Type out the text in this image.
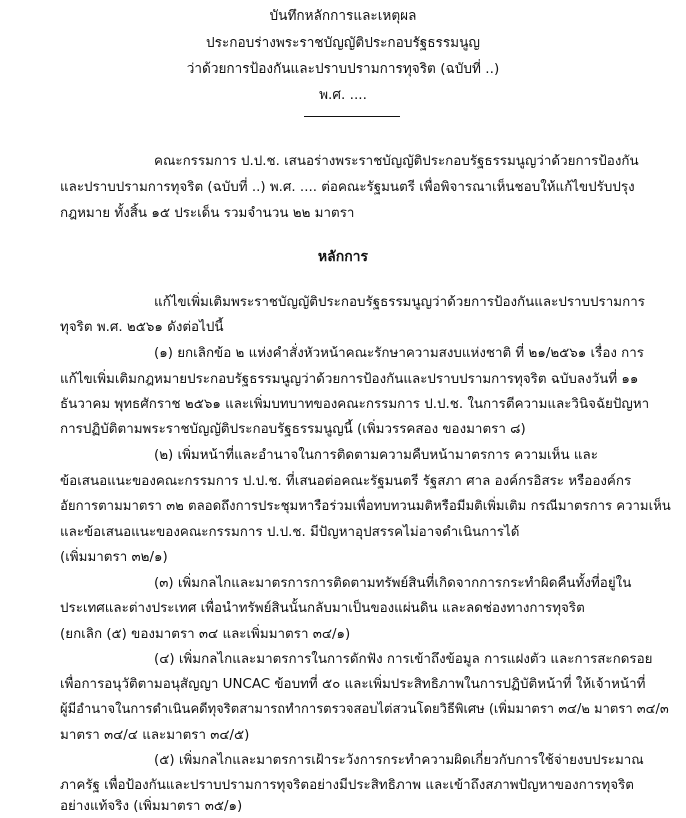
บันทึกหลักการและเหตุผล
ประกอบร่างพระราชบัญญัติประกอบรัฐธรรมนูญ
ว่าด้วยการป้องกันและปราบปรามการทุจริต (ฉบับที่ ..)
พ.ศ. ....
คณะกรรมการ ป.ป.ช. เสนอร่างพระราชบัญญัติประกอบรัฐธรรมนูญว่าด้วยการป้องกัน
และปราบปรามการทุจริต (ฉบับที่ ..) พ.ศ. .... ต่อคณะรัฐมนตรี เพื่อพิจารณาเห็นชอบให้แก้ไขปรับปรุง
กฎหมาย ทั้งสิ้น ๑๕ ประเด็น รวมจำนวน ๒๒ มาตรา
หลักการ
แก้ไขเพิ่มเติมพระราชบัญญัติประกอบรัฐธรรมนูญว่าด้วยการป้องกันและปราบปรามการ
ทุจริต พ.ศ. ๒๕๖๑ ดังต่อไปนี้
(๑) ยกเลิกข้อ ๒ แห่งคำสั่งหัวหน้าคณะรักษาความสงบแห่งชาติ ที่ ๒๑/๒๕๖๑ เรื่อง การ
แก้ไขเพิ่มเติมกฎหมายประกอบรัฐธรรมนูญว่าด้วยการป้องกันและปราบปรามการทุจริต ฉบับลงวันที่ ๑๑
ธันวาคม พุทธศักราช ๒๕๖๑ และเพิ่มบทบาทของคณะกรรมการ ป.ป.ช. ในการตีความและวินิจฉัยปัญหา
การปฏิบัติตามพระราชบัญญัติประกอบรัฐธรรมนูญนี้ (เพิ่มวรรคสอง ของมาตรา ๘)
(๒) เพิ่มหน้าที่และอำนาจในการติดตามความคืบหน้ามาตรการ ความเห็น และ
ข้อเสนอแนะของคณะกรรมการ ป.ป.ช. ที่เสนอต่อคณะรัฐมนตรี รัฐสภา ศาล องค์กรอิสระ หรือองค์กร
อัยการตามมาตรา ๓๒ ตลอดถึงการประชุมหารือร่วมเพื่อทบทวนมติหรือมีมติเพิ่มเติม กรณีมาตรการ ความเห็น
และข้อเสนอแนะของคณะกรรมการ ป.ป.ช. มีปัญหาอุปสรรคไม่อาจดำเนินการได้
(เพิ่มมาตรา ๓๒/๑)
(๓) เพิ่มกลไกและมาตรการการติดตามทรัพย์สินที่เกิดจากการกระทำผิดคืนทั้งที่อยู่ใน
ประเทศและต่างประเทศ เพื่อนำทรัพย์สินนั้นกลับมาเป็นของแผ่นดิน และลดช่องทางการทุจริต
(ยกเลิก (๕) ของมาตรา ๓๔ และเพิ่มมาตรา ๓๔/๑)
(๔) เพิ่มกลไกและมาตรการในการดักฟัง การเข้าถึงข้อมูล การแฝงตัว และการสะกดรอย
เพื่อการอนุวัติตามอนุสัญญา UNCAC ข้อบทที่ ๕๐ และเพิ่มประสิทธิภาพในการปฏิบัติหน้าที่ ให้เจ้าหน้าที่
ผู้มีอำนาจในการดำเนินคดีทุจริตสามารถทำการตรวจสอบไต่สวนโดยวิธีพิเศษ (เพิ่มมาตรา ๓๔/๒ มาตรา ๓๔/๓
มาตรา ๓๔/๔ และมาตรา ๓๔/๕)
(๕) เพิ่มกลไกและมาตรการเฝ้าระวังการกระทำความผิดเกี่ยวกับการใช้จ่ายงบประมาณ
ภาครัฐ เพื่อป้องกันและปราบปรามการทุจริตอย่างมีประสิทธิภาพ และเข้าถึงสภาพปัญหาของการทุจริต
อย่างแท้จริง (เพิ่มมาตรา ๓๕/๑)
